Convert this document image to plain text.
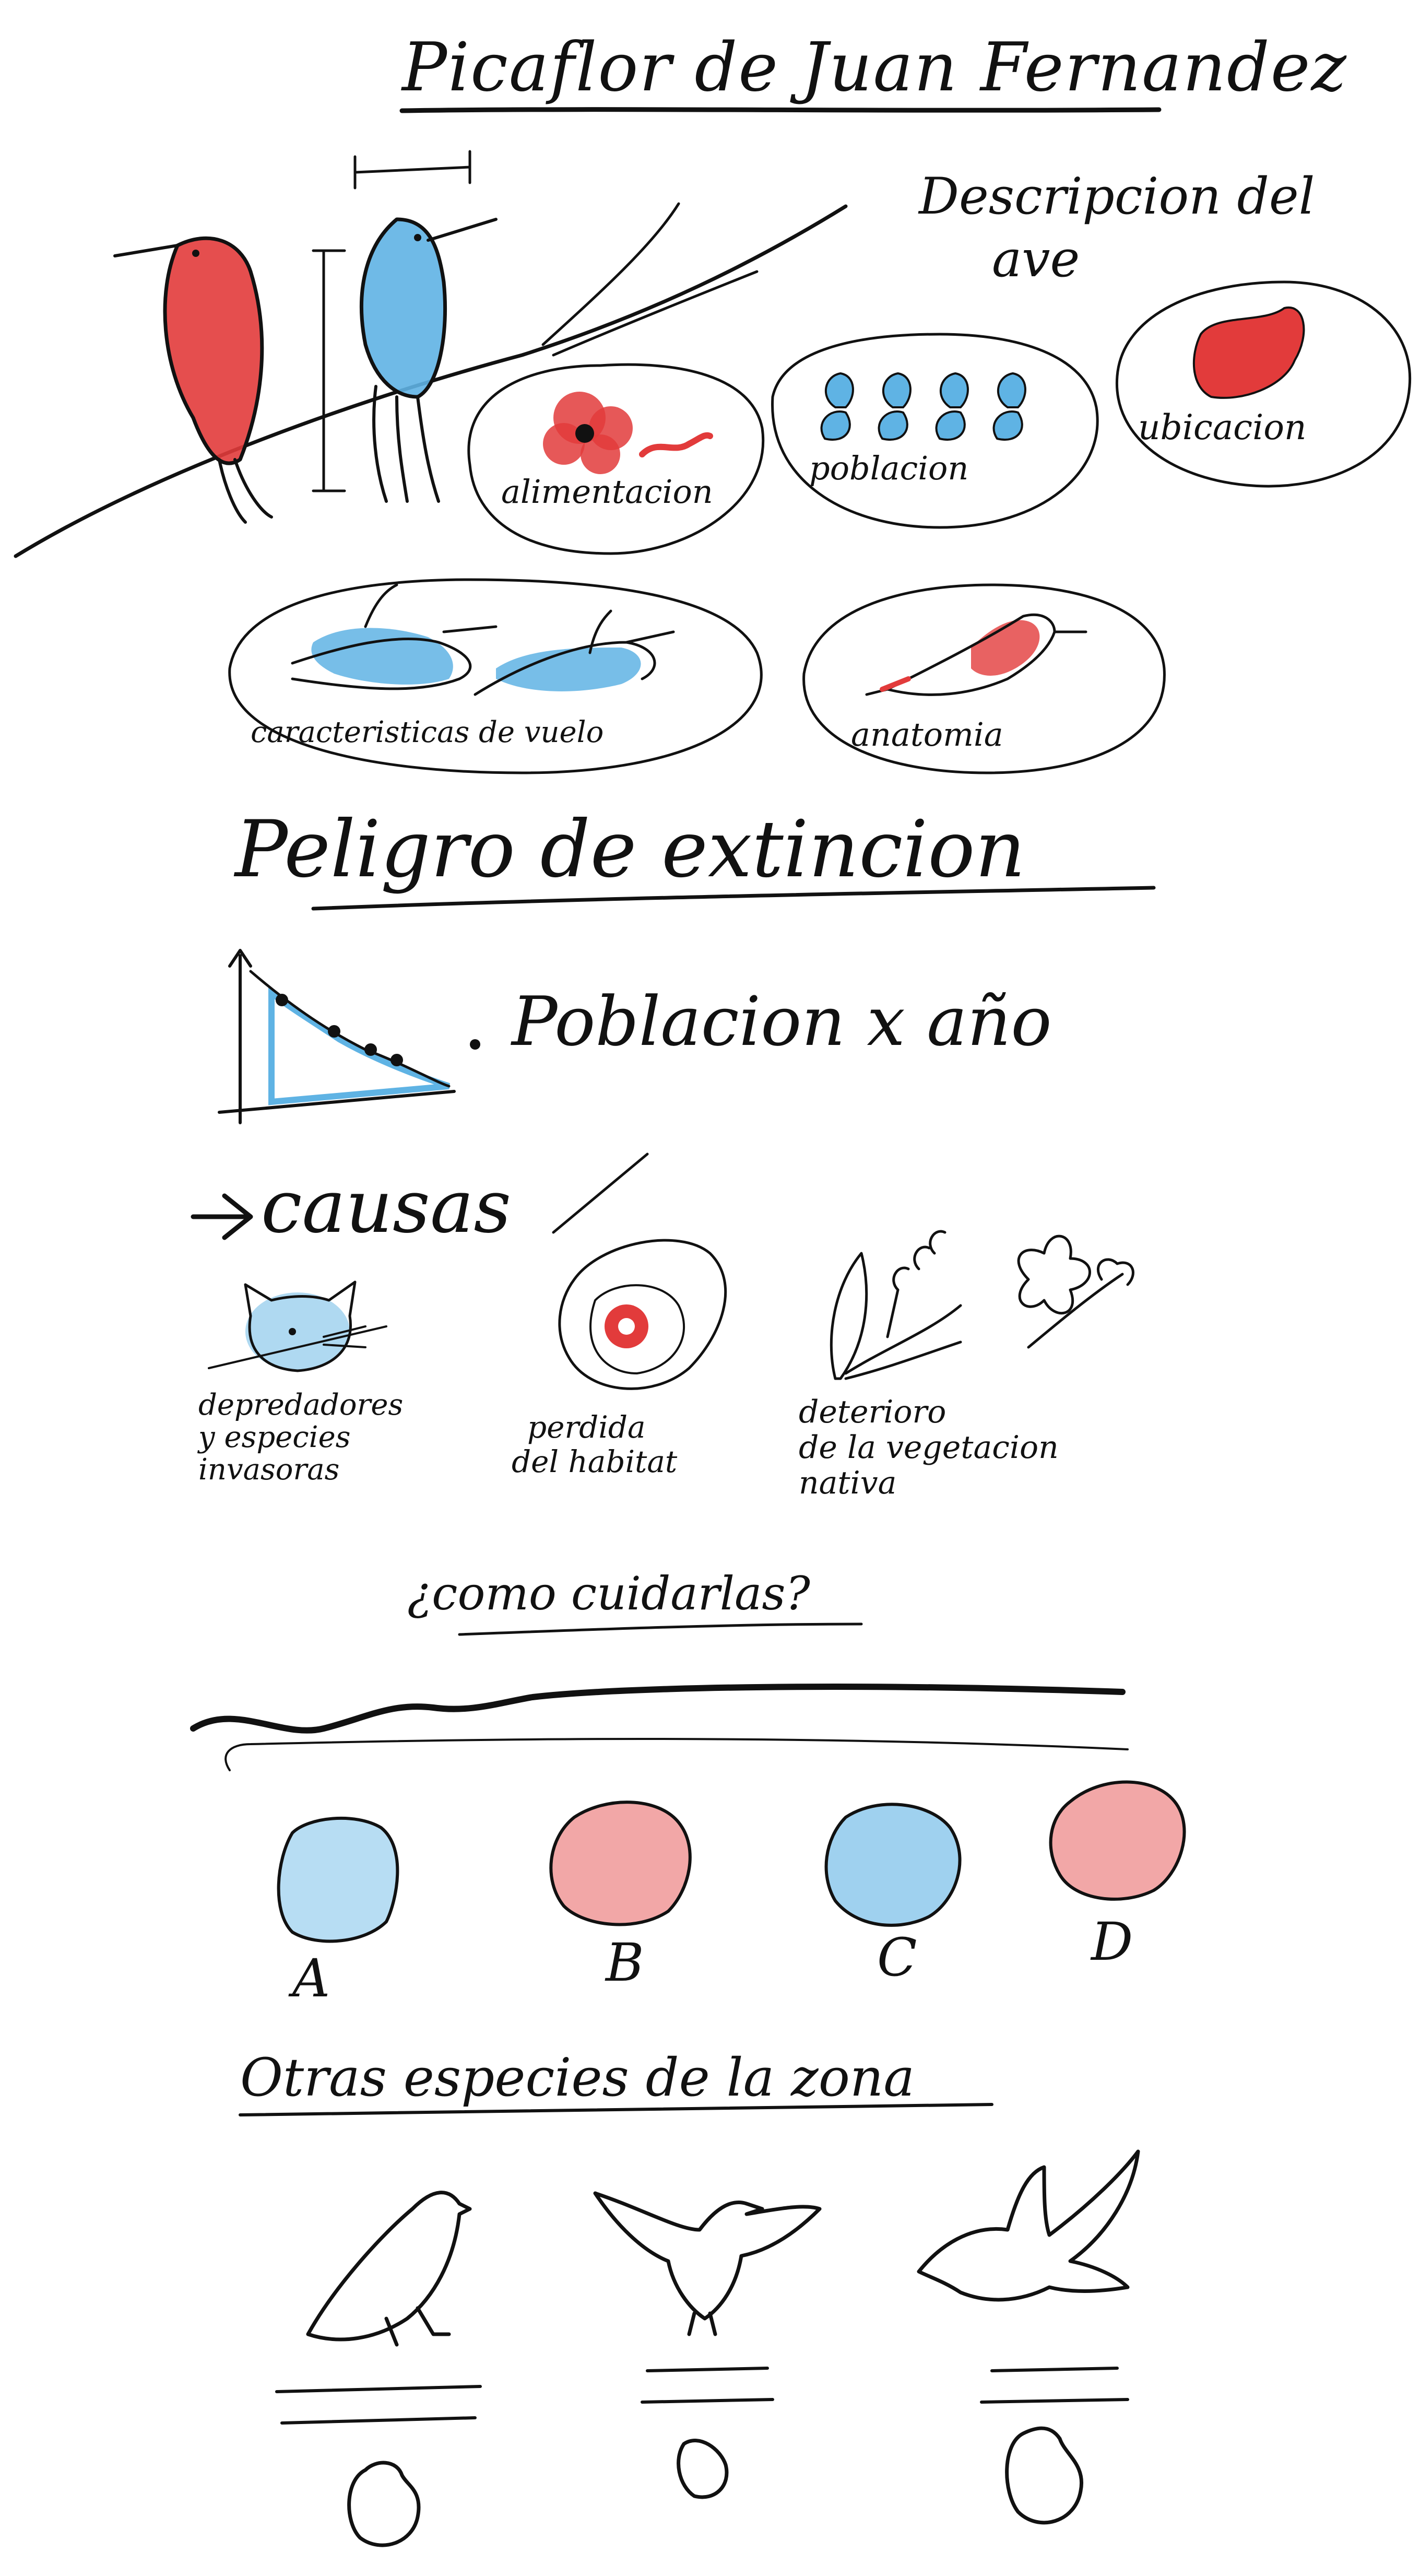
Picaflor de Juan Fernandez
Descripcion del
ave
alimentacion
poblacion
ubicacion
caracteristicas de vuelo	anatomia
Peligro de extincion
Poblacion x año
causas
depredadores
y especies
invasoras
perdida
del habitat
deterioro
de la vegetacion
nativa
¿como cuidarlas?
A	B	C	D
Otras especies de la zona
